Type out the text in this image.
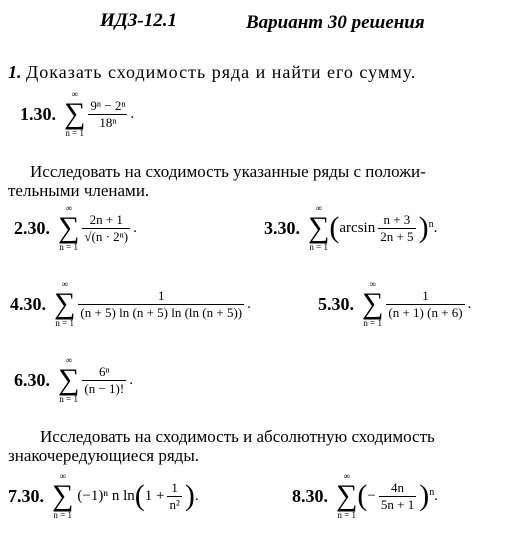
ИДЗ-12.1	Вариант 30 решения
1. Доказать сходимость ряда и найти его сумму.
1.30.
∞
∑
n = 1
$\frac{\text{9ⁿ − 2ⁿ}}{\text{18ⁿ}}$ .
Исследовать на сходимость указанные ряды с положи-
тельными членами.
2.30.
∞
∑
n = 1
$\frac{2n + 1}{\text{√(n · 2ⁿ)}}$ .	3.30.
∞
∑
n = 1
( $\arcsin \frac{n + 3}{2n + 5}$ ) n .
4.30.
∞
∑
n = 1
$\frac{1}{(n + 5) \ln (n + 5) \ln (\ln (n + 5))}$ .	5.30.
∞
∑
n = 1
$\frac{1}{(n + 1) (n + 6)}$ .
6.30.
∞
∑
n = 1
$\frac{\text{6ⁿ}}{(n - 1)!}$ .
Исследовать на сходимость и абсолютную сходимость
знакочередующиеся ряды.
7.30.
∞
∑
n = 1
(−1)ⁿ n ln ( $1 + \frac{1}{\text{n²}}$ ) .	8.30.
∞
∑
n = 1
( − $\frac{4n}{5n + 1}$ ) n .
